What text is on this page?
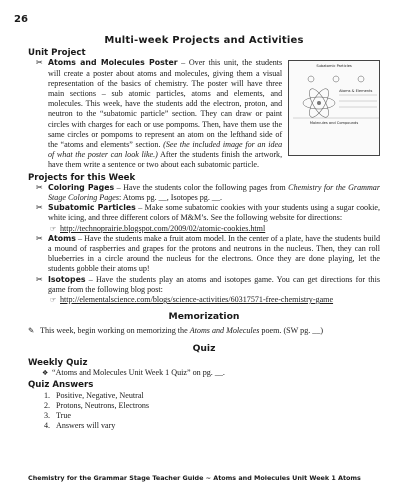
26
Multi-week Projects and Activities
Unit Project
✂ Atoms and Molecules Poster – Over this unit, the students will create a poster about atoms and molecules, giving them a visual representation of the basics of chemistry. The poster will have three main sections – sub atomic particles, atoms and elements, and molecules. This week, have the students add the electron, proton, and neutron to the “subatomic particle” section. They can draw or paint circles with charges for each or use pompoms. Then, have them use the same circles or pompoms to represent an atom on the lefthand side of the “atoms and elements” section. (See the included image for an idea of what the poster can look like.) After the students finish the artwork, have them write a sentence or two about each subatomic particle.
Subatomic Particles
Molecules and Compounds
Atoms & Elements
Projects for this Week
✂ Coloring Pages – Have the students color the following pages from Chemistry for the Grammar Stage Coloring Pages: Atoms pg. __, Isotopes pg. __.
✂ Subatomic Particles – Make some subatomic cookies with your students using a sugar cookie, white icing, and three different colors of M&M’s. See the following website for directions:
☞ http://technoprairie.blogspot.com/2009/02/atomic-cookies.html
✂ Atoms – Have the students make a fruit atom model. In the center of a plate, have the students build a mound of raspberries and grapes for the protons and neutrons in the nucleus. Then, they can roll blueberries in a circle around the nucleus for the electrons. Once they are done playing, let the students gobble their atoms up!
✂ Isotopes – Have the students play an atoms and isotopes game. You can get directions for this game from the following blog post:
☞ http://elementalscience.com/blogs/science-activities/60317571-free-chemistry-game
Memorization
✎ This week, begin working on memorizing the Atoms and Molecules poem. (SW pg. __)
Quiz
Weekly Quiz
❖ “Atoms and Molecules Unit Week 1 Quiz” on pg. __.
Quiz Answers
1. Positive, Negative, Neutral
2. Protons, Neutrons, Electrons
3. True
4. Answers will vary
Chemistry for the Grammar Stage Teacher Guide ~ Atoms and Molecules Unit Week 1 Atoms
